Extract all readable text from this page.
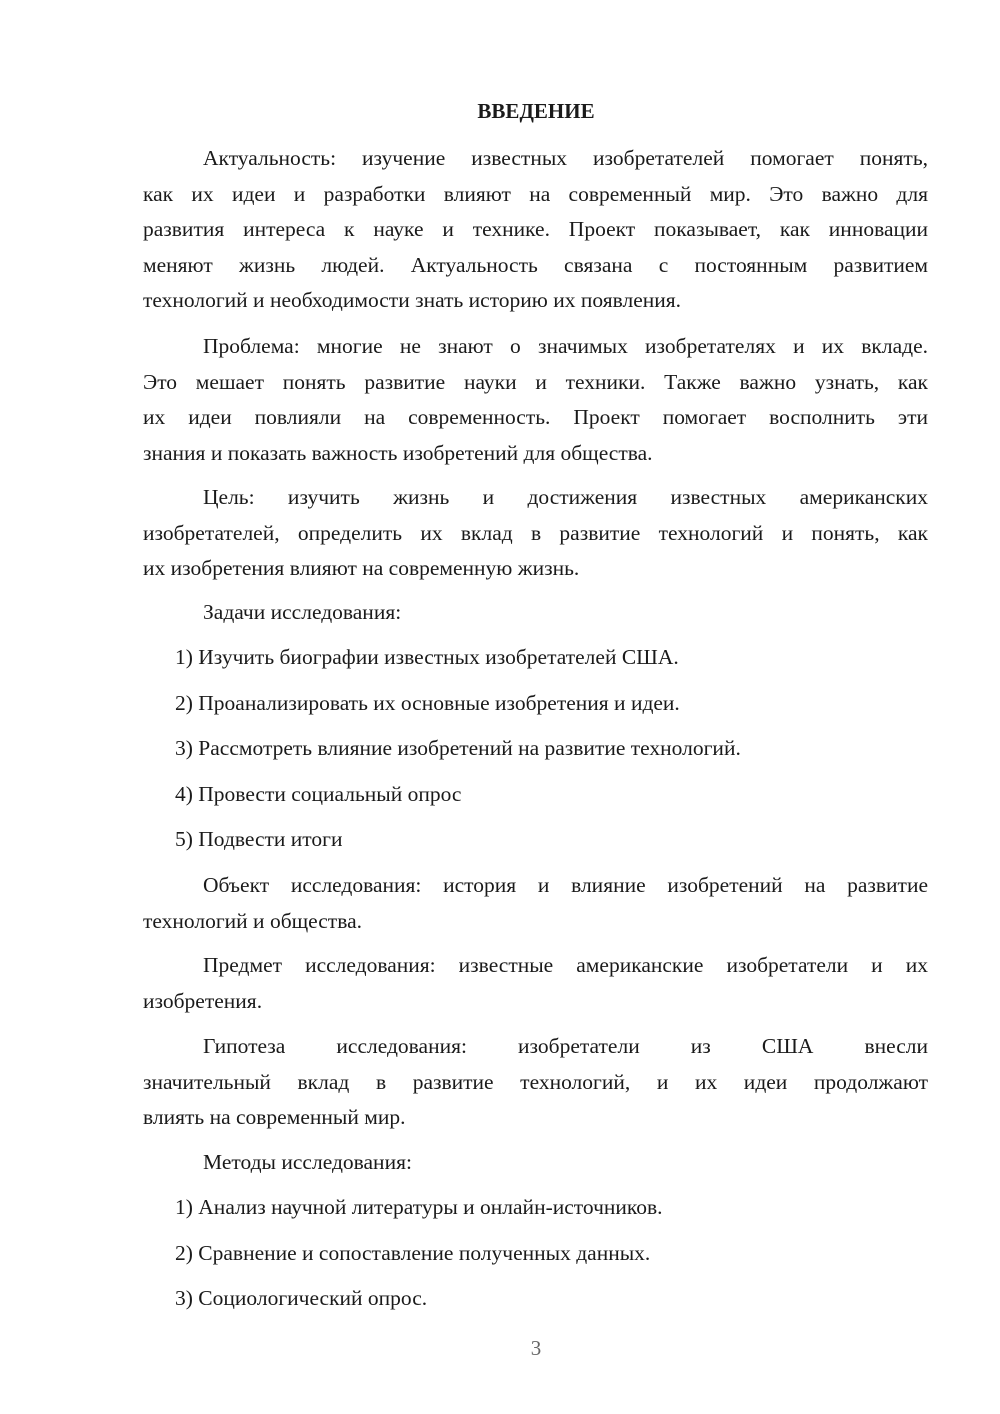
ВВЕДЕНИЕ
Актуальность: изучение известных изобретателей помогает понять,
как их идеи и разработки влияют на современный мир. Это важно для
развития интереса к науке и технике. Проект показывает, как инновации
меняют жизнь людей. Актуальность связана с постоянным развитием
технологий и необходимости знать историю их появления.
Проблема: многие не знают о значимых изобретателях и их вкладе.
Это мешает понять развитие науки и техники. Также важно узнать, как
их идеи повлияли на современность. Проект помогает восполнить эти
знания и показать важность изобретений для общества.
Цель: изучить жизнь и достижения известных американских
изобретателей, определить их вклад в развитие технологий и понять, как
их изобретения влияют на современную жизнь.
Задачи исследования:
1) Изучить биографии известных изобретателей США.
2) Проанализировать их основные изобретения и идеи.
3) Рассмотреть влияние изобретений на развитие технологий.
4) Провести социальный опрос
5) Подвести итоги
Объект исследования: история и влияние изобретений на развитие
технологий и общества.
Предмет исследования: известные американские изобретатели и их
изобретения.
Гипотеза исследования: изобретатели из США внесли
значительный вклад в развитие технологий, и их идеи продолжают
влиять на современный мир.
Методы исследования:
1) Анализ научной литературы и онлайн-источников.
2) Сравнение и сопоставление полученных данных.
3) Социологический опрос.
3
